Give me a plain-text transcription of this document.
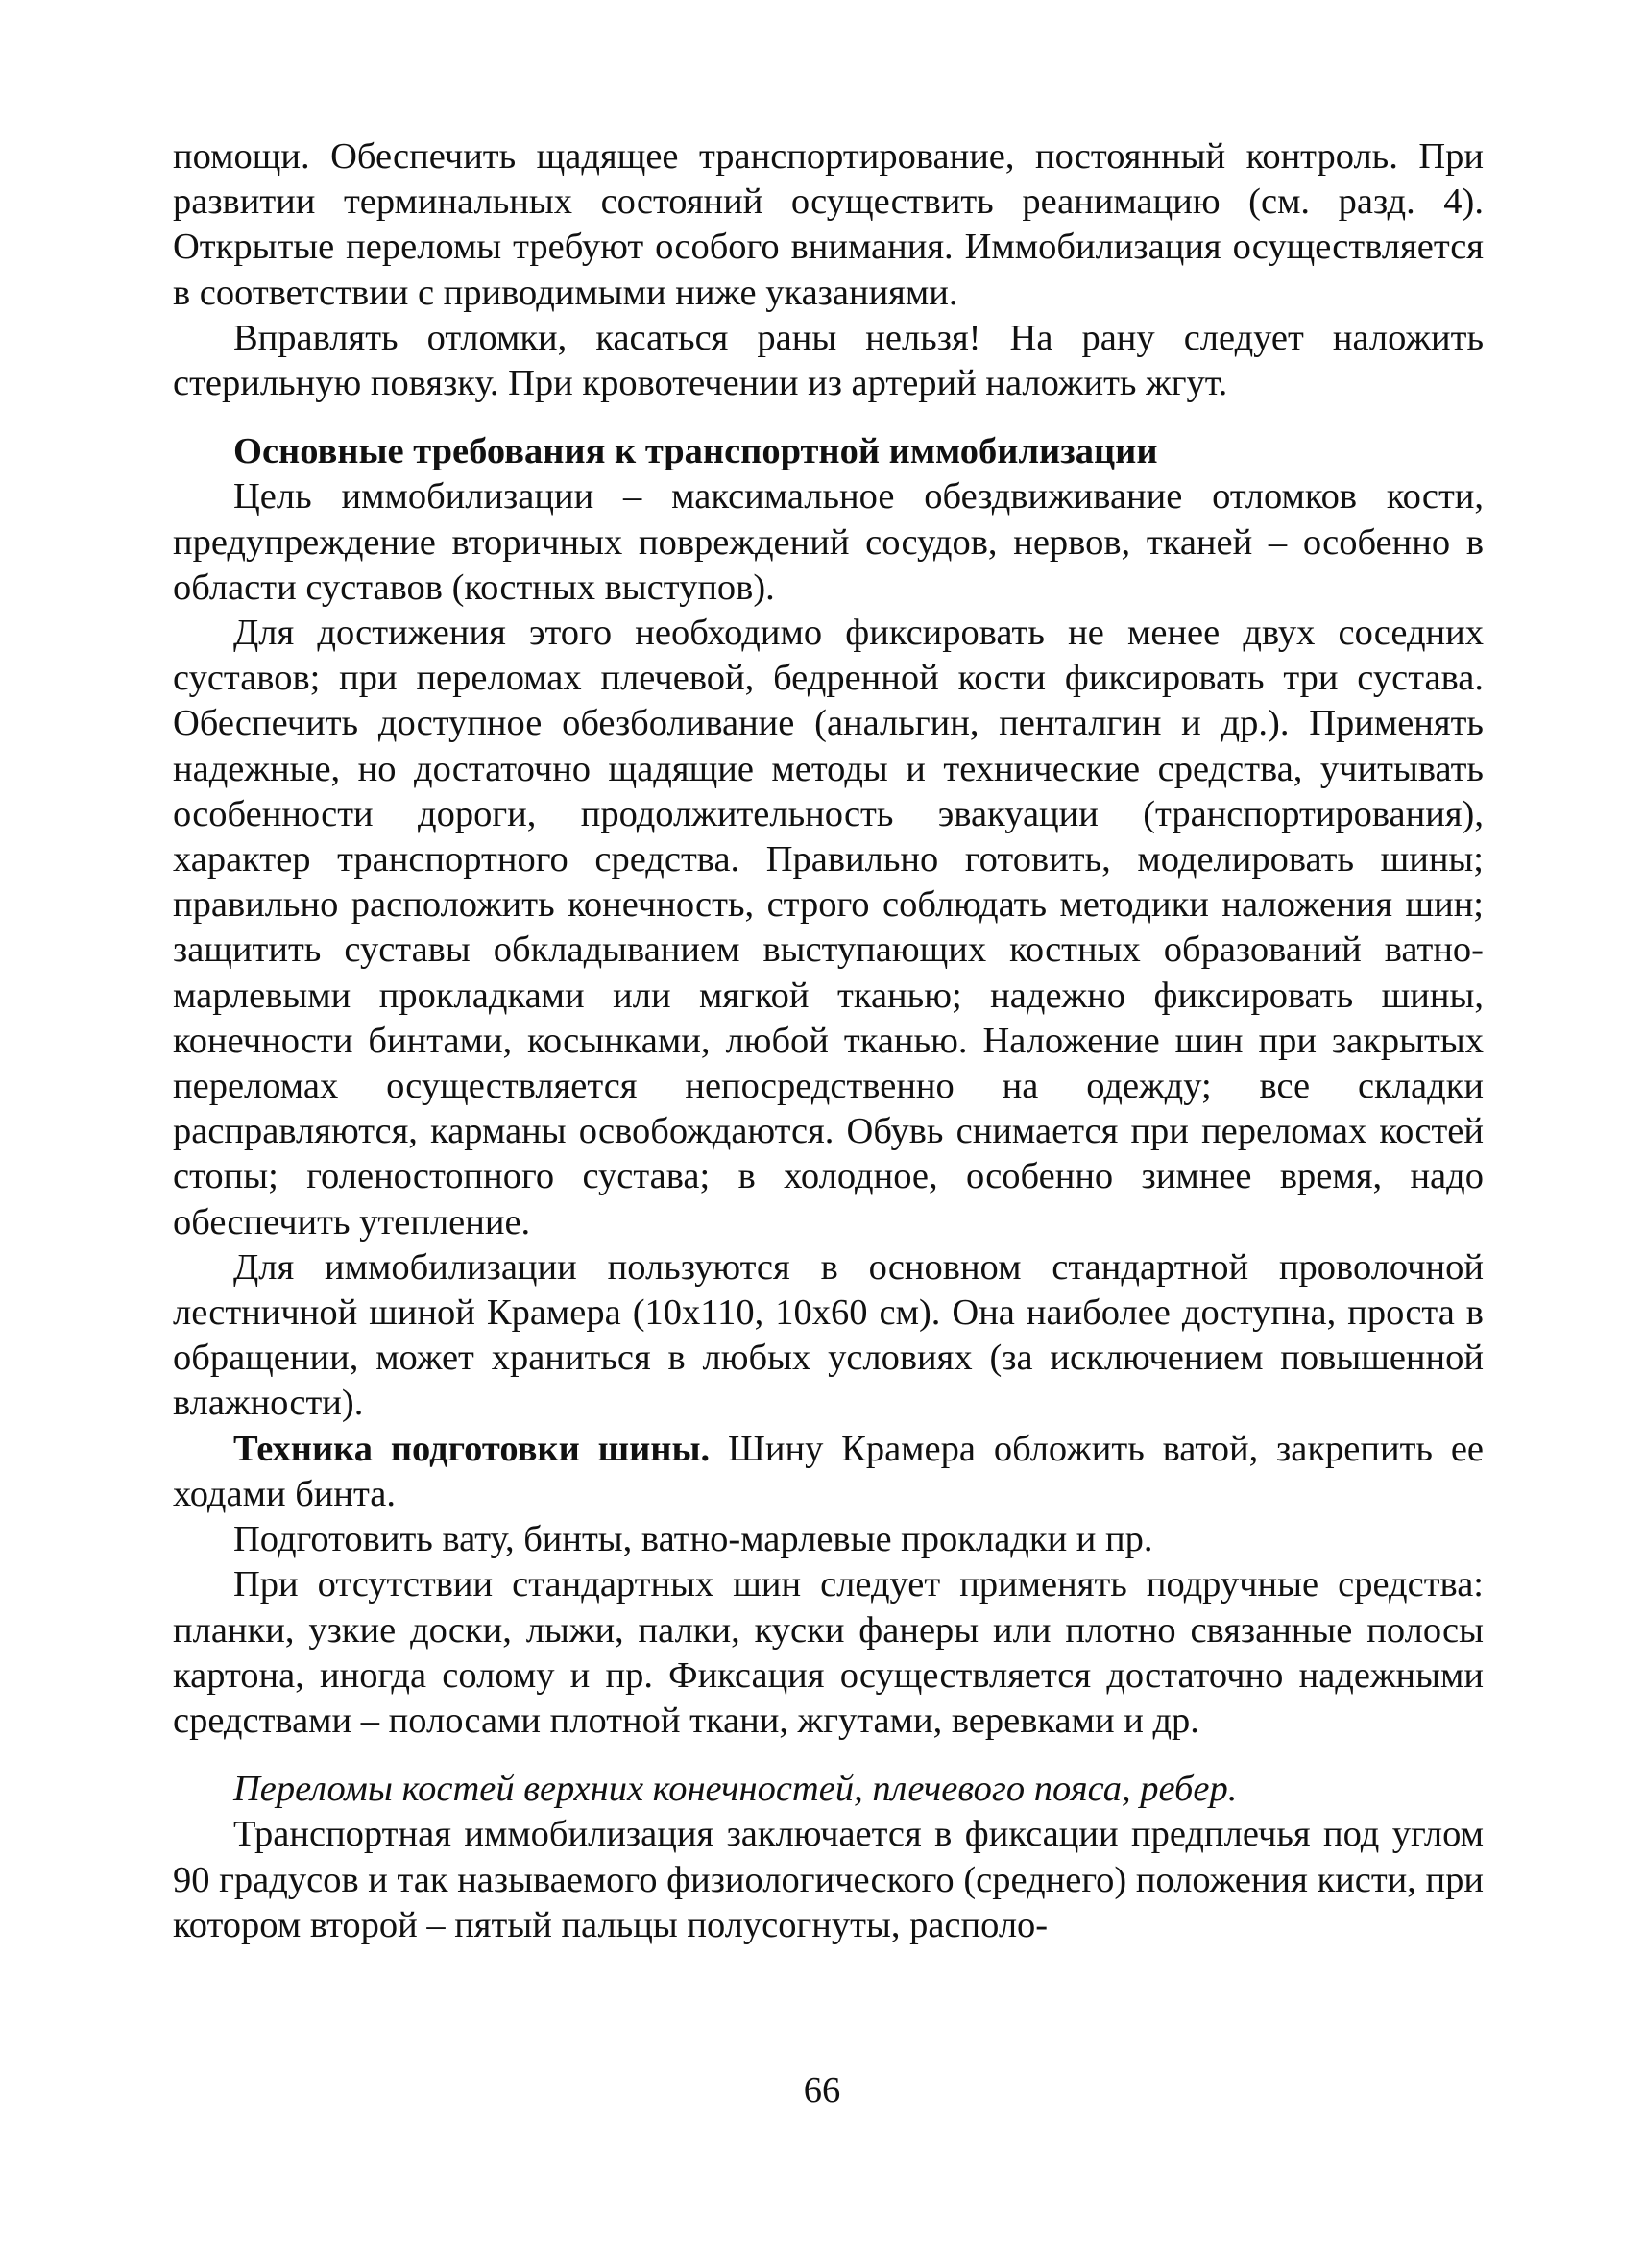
помощи. Обеспечить щадящее транспортирование, постоянный контроль. При развитии терминальных состояний осуществить реанимацию (см. разд. 4). Открытые переломы требуют особого внимания. Иммобилизация осуществляется в соответствии с приводимыми ниже указаниями.

Вправлять отломки, касаться раны нельзя! На рану следует наложить стерильную повязку. При кровотечении из артерий наложить жгут.

Основные требования к транспортной иммобилизации

Цель иммобилизации – максимальное обездвиживание отломков кости, предупреждение вторичных повреждений сосудов, нервов, тканей – особенно в области суставов (костных выступов).

Для достижения этого необходимо фиксировать не менее двух соседних суставов; при переломах плечевой, бедренной кости фиксировать три сустава. Обеспечить доступное обезболивание (анальгин, пенталгин и др.). Применять надежные, но достаточно щадящие методы и технические средства, учитывать особенности дороги, продолжительность эвакуации (транспортирования), характер транспортного средства. Правильно готовить, моделировать шины; правильно расположить конечность, строго соблюдать методики наложения шин; защитить суставы обкладыванием выступающих костных образований ватно-марлевыми прокладками или мягкой тканью; надежно фиксировать шины, конечности бинтами, косынками, любой тканью. Наложение шин при закрытых переломах осуществляется непосредственно на одежду; все складки расправляются, карманы освобождаются. Обувь снимается при переломах костей стопы; голеностопного сустава; в холодное, особенно зимнее время, надо обеспечить утепление.

Для иммобилизации пользуются в основном стандартной проволочной лестничной шиной Крамера (10х110, 10х60 см). Она наиболее доступна, проста в обращении, может храниться в любых условиях (за исключением повышенной влажности).

Техника подготовки шины. Шину Крамера обложить ватой, закрепить ее ходами бинта.

Подготовить вату, бинты, ватно-марлевые прокладки и пр.

При отсутствии стандартных шин следует применять подручные средства: планки, узкие доски, лыжи, палки, куски фанеры или плотно связанные полосы картона, иногда солому и пр. Фиксация осуществляется достаточно надежными средствами – полосами плотной ткани, жгутами, веревками и др.

Переломы костей верхних конечностей, плечевого пояса, ребер.

Транспортная иммобилизация заключается в фиксации предплечья под углом 90 градусов и так называемого физиологического (среднего) положения кисти, при котором второй – пятый пальцы полусогнуты, располо-

66
